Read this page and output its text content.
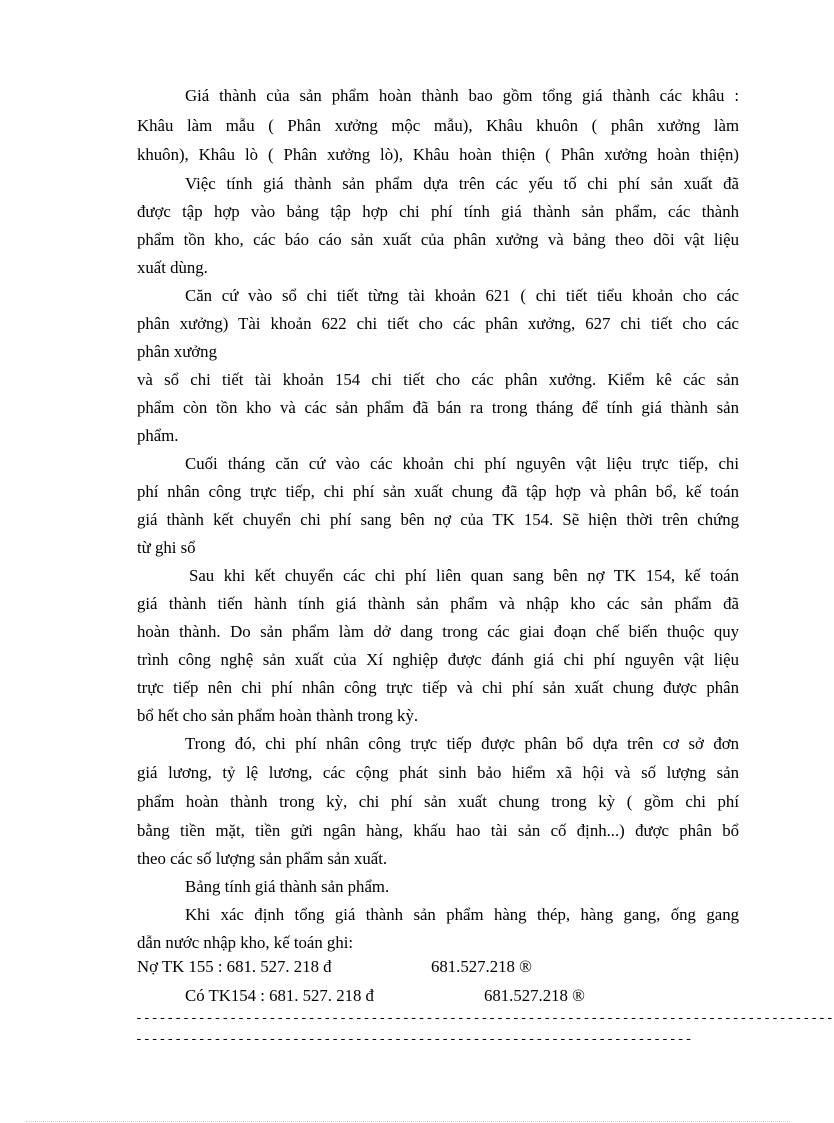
Giá thành của sản phẩm hoàn thành bao gồm tổng giá thành các khâu :
Khâu làm mẫu ( Phân xưởng mộc mẫu), Khâu khuôn ( phân xưởng làm
khuôn), Khâu lò ( Phân xưởng lò), Khâu hoàn thiện ( Phân xưởng hoàn thiện)
Việc tính giá thành sản phẩm dựa trên các yếu tố chi phí sản xuất đã
được tập hợp vào bảng tập hợp chi phí tính giá thành sản phẩm, các thành
phẩm tồn kho, các báo cáo sản xuất của phân xưởng và bảng theo dõi vật liệu
xuất dùng.
Căn cứ vào sổ chi tiết từng tài khoản 621 ( chi tiết tiểu khoản cho các
phân xưởng) Tài khoản 622 chi tiết cho các phân xưởng, 627 chi tiết cho các
phân xưởng
và sổ chi tiết tài khoản 154 chi tiết cho các phân xưởng. Kiểm kê các sản
phẩm còn tồn kho và các sản phẩm đã bán ra trong tháng để tính giá thành sản
phẩm.
Cuối tháng căn cứ vào các khoản chi phí nguyên vật liệu trực tiếp, chi
phí nhân công trực tiếp, chi phí sản xuất chung đã tập hợp và phân bổ, kế toán
giá thành kết chuyển chi phí sang bên nợ của TK 154. Sẽ hiện thời trên chứng
từ ghi sổ
Sau khi kết chuyển các chi phí liên quan sang bên nợ TK 154, kế toán
giá thành tiến hành tính giá thành sản phẩm và nhập kho các sản phẩm đã
hoàn thành. Do sản phẩm làm dở dang trong các giai đoạn chế biến thuộc quy
trình công nghệ sản xuất của Xí nghiệp được đánh giá chi phí nguyên vật liệu
trực tiếp nên chi phí nhân công trực tiếp và chi phí sản xuất chung được phân
bổ hết cho sản phẩm hoàn thành trong kỳ.
Trong đó, chi phí nhân công trực tiếp được phân bổ dựa trên cơ sở đơn
giá lương, tỷ lệ lương, các cộng phát sinh bảo hiểm xã hội và số lượng sản
phẩm hoàn thành trong kỳ, chi phí sản xuất chung trong kỳ ( gồm chi phí
bằng tiền mặt, tiền gửi ngân hàng, khấu hao tài sản cố định...) được phân bổ
theo các số lượng sản phẩm sản xuất.
Bảng tính giá thành sản phẩm.
Khi xác định tổng giá thành sản phẩm hàng thép, hàng gang, ống gang
dẫn nước nhập kho, kế toán ghi:
Nợ TK 155 : 681. 527. 218 đ	681.527.218 ®
Có TK154 : 681. 527. 218 đ	681.527.218 ®
-----------------------------------------------------------------------------------------
-----------------------------------------------------------------------
